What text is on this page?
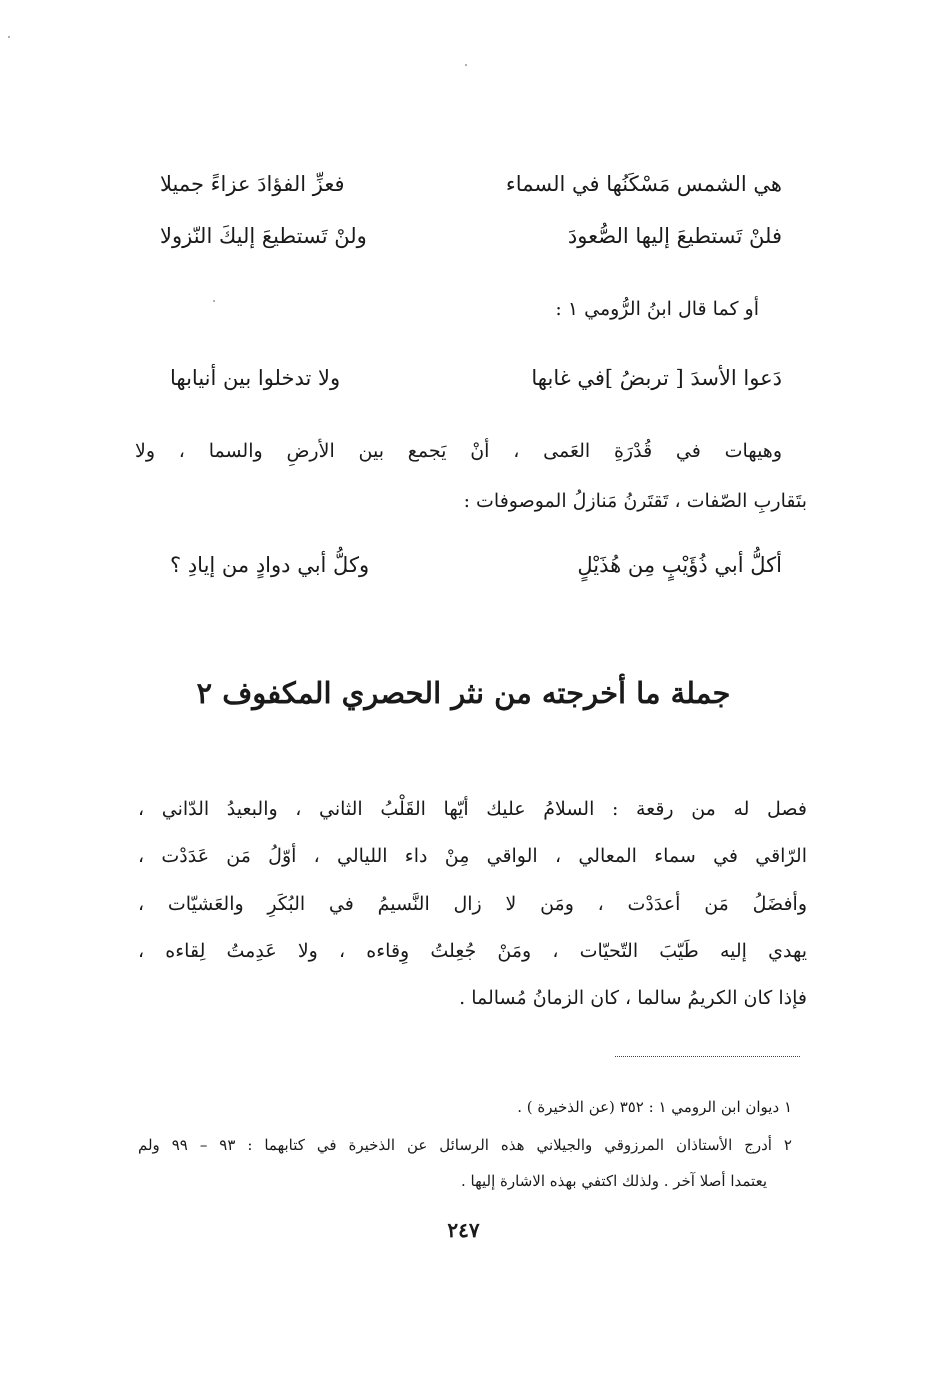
هي الشمس مَسْكَنُها في السماء
فعزِّ الفؤادَ عزاءً جميلا
فلنْ تَستطيعَ إليها الصُّعودَ
ولنْ تَستطيعَ إليكَ النّزولا
أو كما قال ابنُ الرُّومي ١ :
دَعوا الأسدَ [ تربضُ ]في غابها
ولا تدخلوا بين أنيابها
وهيهات في قُدْرَةِ العَمى ، أنْ يَجمع بين الأرضِ والسما ، ولا
بتَقاربِ الصّفات ، تَقتَرنُ مَنازلُ الموصوفات :
أكلُّ أبي ذُؤَيْبٍ مِن هُذَيْلٍ
وكلُّ أبي دوادٍ من إيادِ ؟
جملة ما أخرجته من نثر الحصري المكفوف ٢
فصل له من رقعة : السلامُ عليك أيّها القَلْبُ الثاني ، والبعيدُ الدّاني ،
الرّاقي في سماء المعالي ، الواقي مِنْ داء الليالي ، أوّلُ مَن عَدَدْت ،
وأفضَلُ مَن أعدَدْت ، ومَن لا زال النَّسيمُ في البُكَرِ والعَشيّات ،
يهدي إليه طَيّبَ التّحيّات ، ومَنْ جُعِلتُ وِقاءه ، ولا عَدِمتُ لِقاءه ،
فإذا كان الكريمُ سالما ، كان الزمانُ مُسالما .
١ ديوان ابن الرومي ١ : ٣٥٢ (عن الذخيرة ) .
٢ أدرج الأستاذان المرزوقي والجيلاني هذه الرسائل عن الذخيرة في كتابهما : ٩٣ – ٩٩ ولم
يعتمدا أصلا آخر . ولذلك اكتفي بهذه الاشارة إليها .
٢٤٧
